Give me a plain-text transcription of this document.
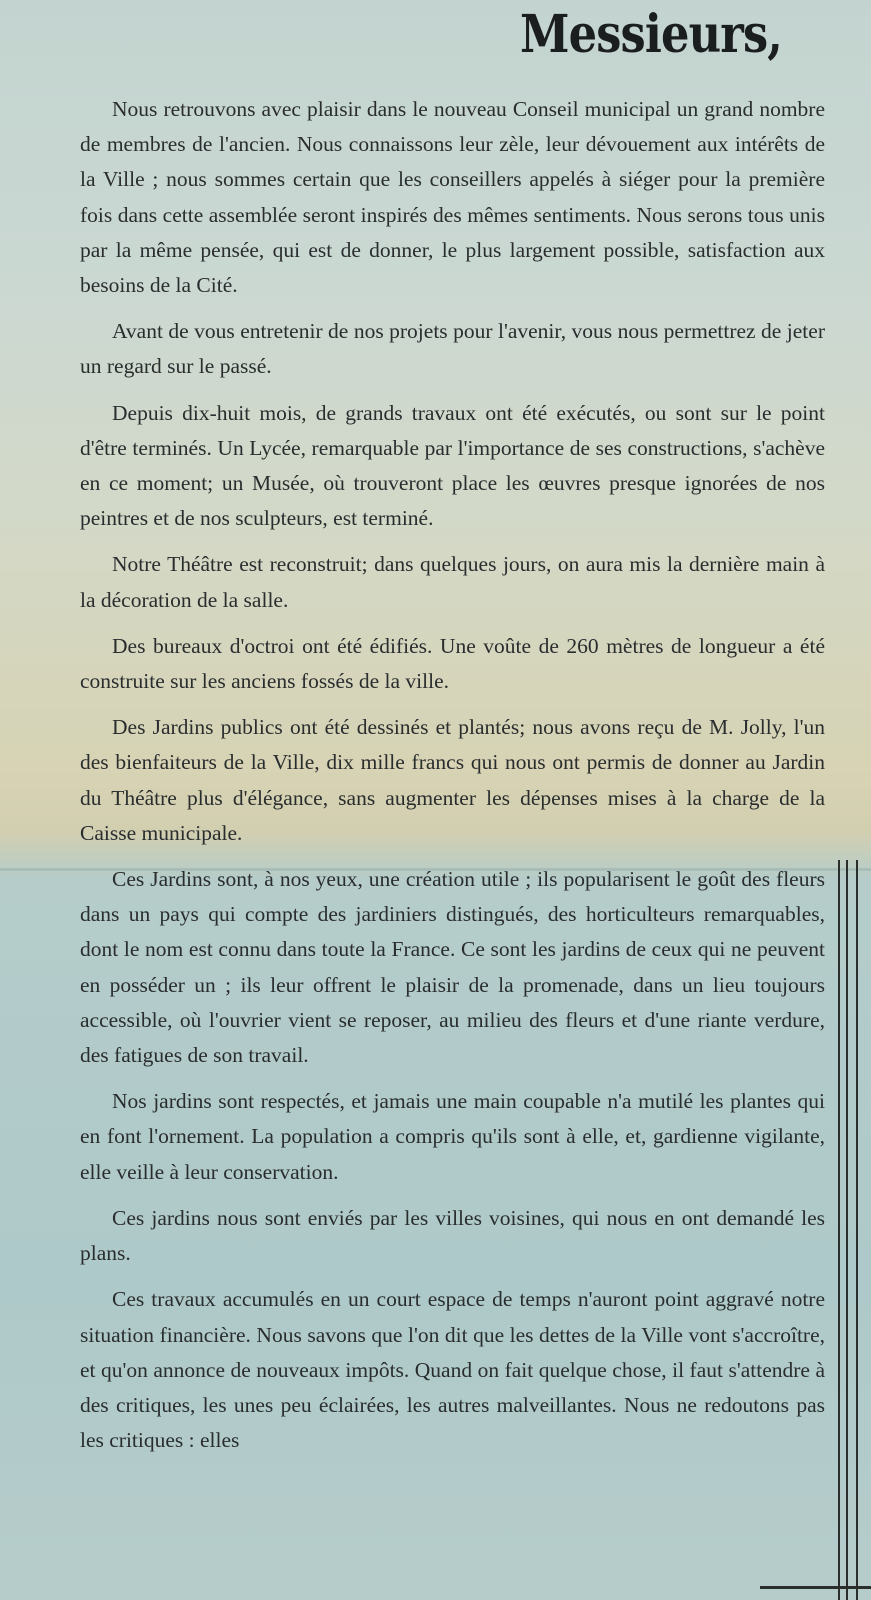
Messieurs,

Nous retrouvons avec plaisir dans le nouveau Conseil municipal un grand nombre de membres de l'ancien. Nous connaissons leur zèle, leur dévouement aux intérêts de la Ville ; nous sommes certain que les conseillers appelés à siéger pour la première fois dans cette assemblée seront inspirés des mêmes sentiments. Nous serons tous unis par la même pensée, qui est de donner, le plus largement possible, satisfaction aux besoins de la Cité.

Avant de vous entretenir de nos projets pour l'avenir, vous nous permettrez de jeter un regard sur le passé.

Depuis dix-huit mois, de grands travaux ont été exécutés, ou sont sur le point d'être terminés. Un Lycée, remarquable par l'importance de ses constructions, s'achève en ce moment; un Musée, où trouveront place les œuvres presque ignorées de nos peintres et de nos sculpteurs, est terminé.

Notre Théâtre est reconstruit; dans quelques jours, on aura mis la dernière main à la décoration de la salle.

Des bureaux d'octroi ont été édifiés. Une voûte de 260 mètres de longueur a été construite sur les anciens fossés de la ville.

Des Jardins publics ont été dessinés et plantés; nous avons reçu de M. Jolly, l'un des bienfaiteurs de la Ville, dix mille francs qui nous ont permis de donner au Jardin du Théâtre plus d'élégance, sans augmenter les dépenses mises à la charge de la Caisse municipale.

Ces Jardins sont, à nos yeux, une création utile ; ils popularisent le goût des fleurs dans un pays qui compte des jardiniers distingués, des horticulteurs remarquables, dont le nom est connu dans toute la France. Ce sont les jardins de ceux qui ne peuvent en posséder un ; ils leur offrent le plaisir de la promenade, dans un lieu toujours accessible, où l'ouvrier vient se reposer, au milieu des fleurs et d'une riante verdure, des fatigues de son travail.

Nos jardins sont respectés, et jamais une main coupable n'a mutilé les plantes qui en font l'ornement. La population a compris qu'ils sont à elle, et, gardienne vigilante, elle veille à leur conservation.

Ces jardins nous sont enviés par les villes voisines, qui nous en ont demandé les plans.

Ces travaux accumulés en un court espace de temps n'auront point aggravé notre situation financière. Nous savons que l'on dit que les dettes de la Ville vont s'accroître, et qu'on annonce de nouveaux impôts. Quand on fait quelque chose, il faut s'attendre à des critiques, les unes peu éclairées, les autres malveillantes. Nous ne redoutons pas les critiques : elles
